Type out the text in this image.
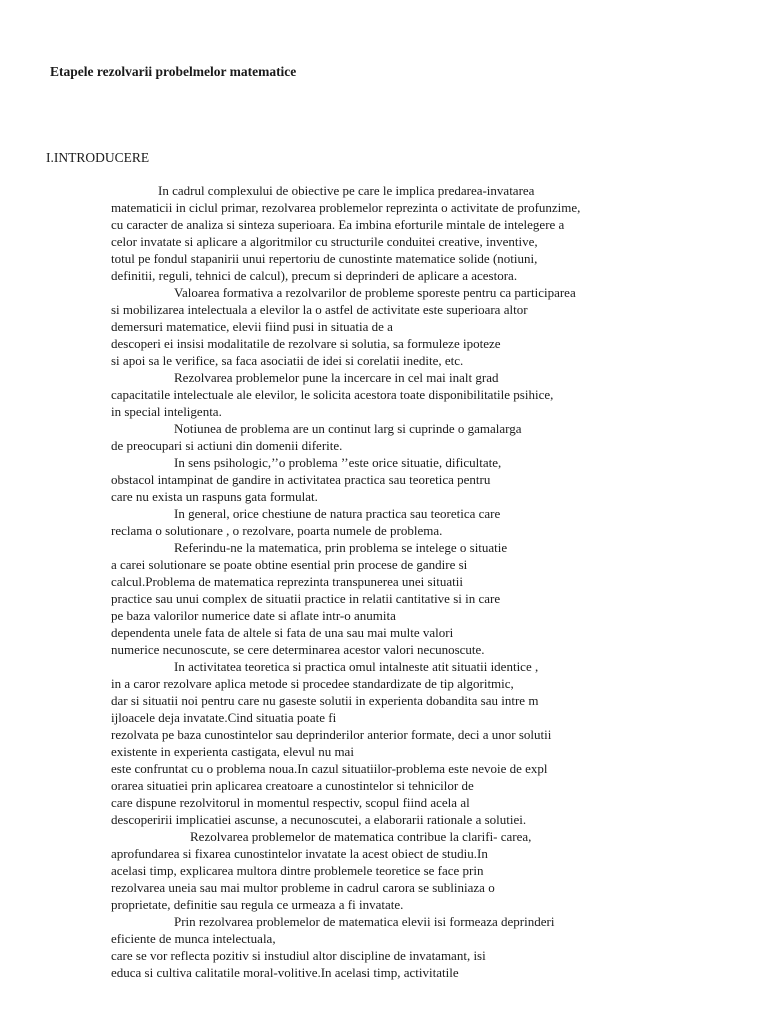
Etapele rezolvarii probelmelor matematice
I.INTRODUCERE
In cadrul complexului de obiective pe care le implica predarea-invatarea
matematicii in ciclul primar, rezolvarea problemelor reprezinta o activitate de profunzime,
cu caracter de analiza si sinteza superioara. Ea imbina eforturile mintale de intelegere a
celor invatate si aplicare a algoritmilor cu structurile conduitei creative, inventive,
totul pe fondul stapanirii unui repertoriu de cunostinte matematice solide (notiuni,
definitii, reguli, tehnici de calcul), precum si deprinderi de aplicare a acestora.
Valoarea formativa a rezolvarilor de probleme sporeste pentru ca participarea
si mobilizarea intelectuala a elevilor la o astfel de activitate este superioara altor
demersuri matematice, elevii fiind pusi in situatia de a
descoperi ei insisi modalitatile de rezolvare si solutia, sa formuleze ipoteze
si apoi sa le verifice, sa faca asociatii de idei si corelatii inedite, etc.
Rezolvarea problemelor pune la incercare in cel mai inalt grad
capacitatile intelectuale ale elevilor, le solicita acestora toate disponibilitatile psihice,
in special inteligenta.
Notiunea de problema are un continut larg si cuprinde o gamalarga
de preocupari si actiuni din domenii diferite.
In sens psihologic,’’o problema ’’este orice situatie, dificultate,
obstacol intampinat de gandire in activitatea practica sau teoretica pentru
care nu exista un raspuns gata formulat.
In general, orice chestiune de natura practica sau teoretica care
reclama o solutionare , o rezolvare, poarta numele de problema.
Referindu-ne la matematica, prin problema se intelege o situatie
a carei solutionare se poate obtine esential prin procese de gandire si
calcul.Problema de matematica reprezinta transpunerea unei situatii
practice sau unui complex de situatii practice in relatii cantitative si in care
pe baza valorilor numerice date si aflate intr-o anumita
dependenta unele fata de altele si fata de una sau mai multe valori
numerice necunoscute, se cere determinarea acestor valori necunoscute.
In activitatea teoretica si practica omul intalneste atit situatii identice ,
in a caror rezolvare aplica metode si procedee standardizate de tip algoritmic,
dar si situatii noi pentru care nu gaseste solutii in experienta dobandita sau intre m
ijloacele deja invatate.Cind situatia poate fi
rezolvata pe baza cunostintelor sau deprinderilor anterior formate, deci a unor solutii
existente in experienta castigata, elevul nu mai
este confruntat cu o problema noua.In cazul situatiilor-problema este nevoie de expl
orarea situatiei prin aplicarea creatoare a cunostintelor si tehnicilor de
care dispune rezolvitorul in momentul respectiv, scopul fiind acela al
descoperirii implicatiei ascunse, a necunoscutei, a elaborarii rationale a solutiei.
Rezolvarea problemelor de matematica contribue la clarifi- carea,
aprofundarea si fixarea cunostintelor invatate la acest obiect de studiu.In
acelasi timp, explicarea multora dintre problemele teoretice se face prin
rezolvarea uneia sau mai multor probleme in cadrul carora se subliniaza o
proprietate, definitie sau regula ce urmeaza a fi invatate.
Prin rezolvarea problemelor de matematica elevii isi formeaza deprinderi
eficiente de munca intelectuala,
care se vor reflecta pozitiv si instudiul altor discipline de invatamant, isi
educa si cultiva calitatile moral-volitive.In acelasi timp, activitatile
